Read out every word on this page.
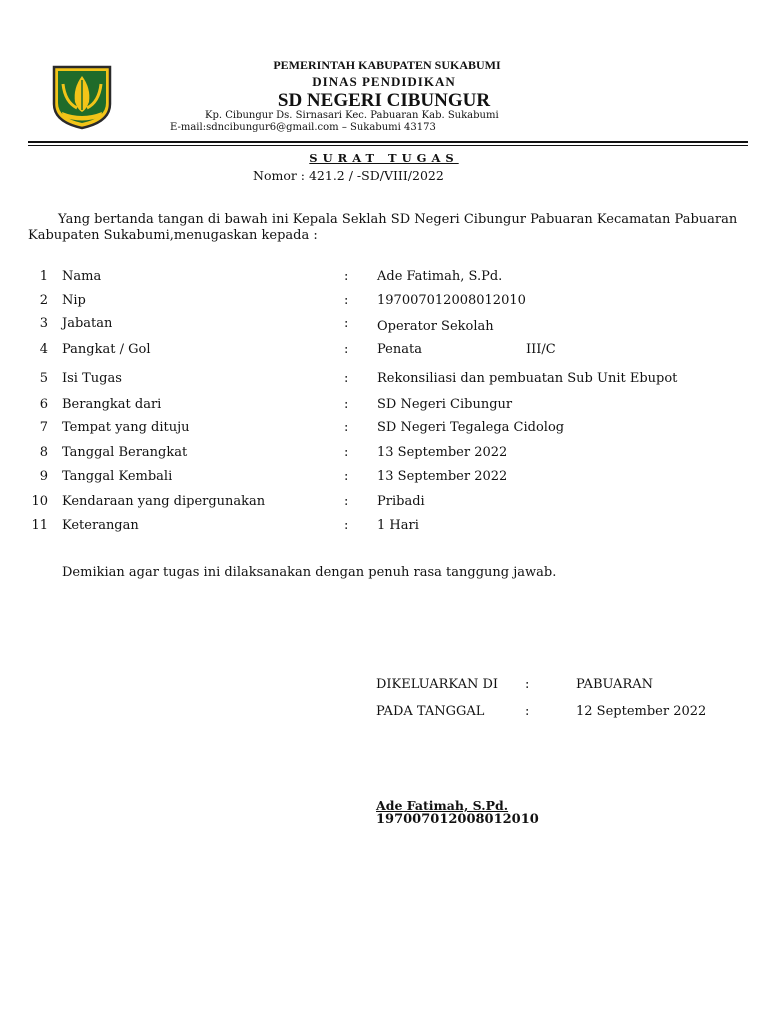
PEMERINTAH KABUPATEN SUKABUMI
DINAS PENDIDIKAN
SD NEGERI CIBUNGUR
Kp. Cibungur Ds. Sirnasari Kec. Pabuaran Kab. Sukabumi
E-mail:sdncibungur6@gmail.com – Sukabumi 43173
SURAT TUGAS
Nomor : 421.2 / -SD/VIII/2022
Yang bertanda tangan di bawah ini Kepala Seklah SD Negeri Cibungur Pabuaran Kecamatan Pabuaran Kabupaten Sukabumi,menugaskan kepada :
1 Nama	: Ade Fatimah, S.Pd.
2 Nip	: 197007012008012010
3 Jabatan	: Operator Sekolah
4 Pangkat / Gol	: Penata	III/C
5 Isi Tugas	: Rekonsiliasi dan pembuatan Sub Unit Ebupot
6 Berangkat dari	: SD Negeri Cibungur
7 Tempat yang dituju	: SD Negeri Tegalega Cidolog
8 Tanggal Berangkat	: 13 September 2022
9 Tanggal Kembali	: 13 September 2022
10 Kendaraan yang dipergunakan	: Pribadi
11 Keterangan	: 1 Hari
Demikian agar tugas ini dilaksanakan dengan penuh rasa tanggung jawab.
DIKELUARKAN DI :	PABUARAN
PADA TANGGAL	:	12 September 2022
Ade Fatimah, S.Pd.
197007012008012010
